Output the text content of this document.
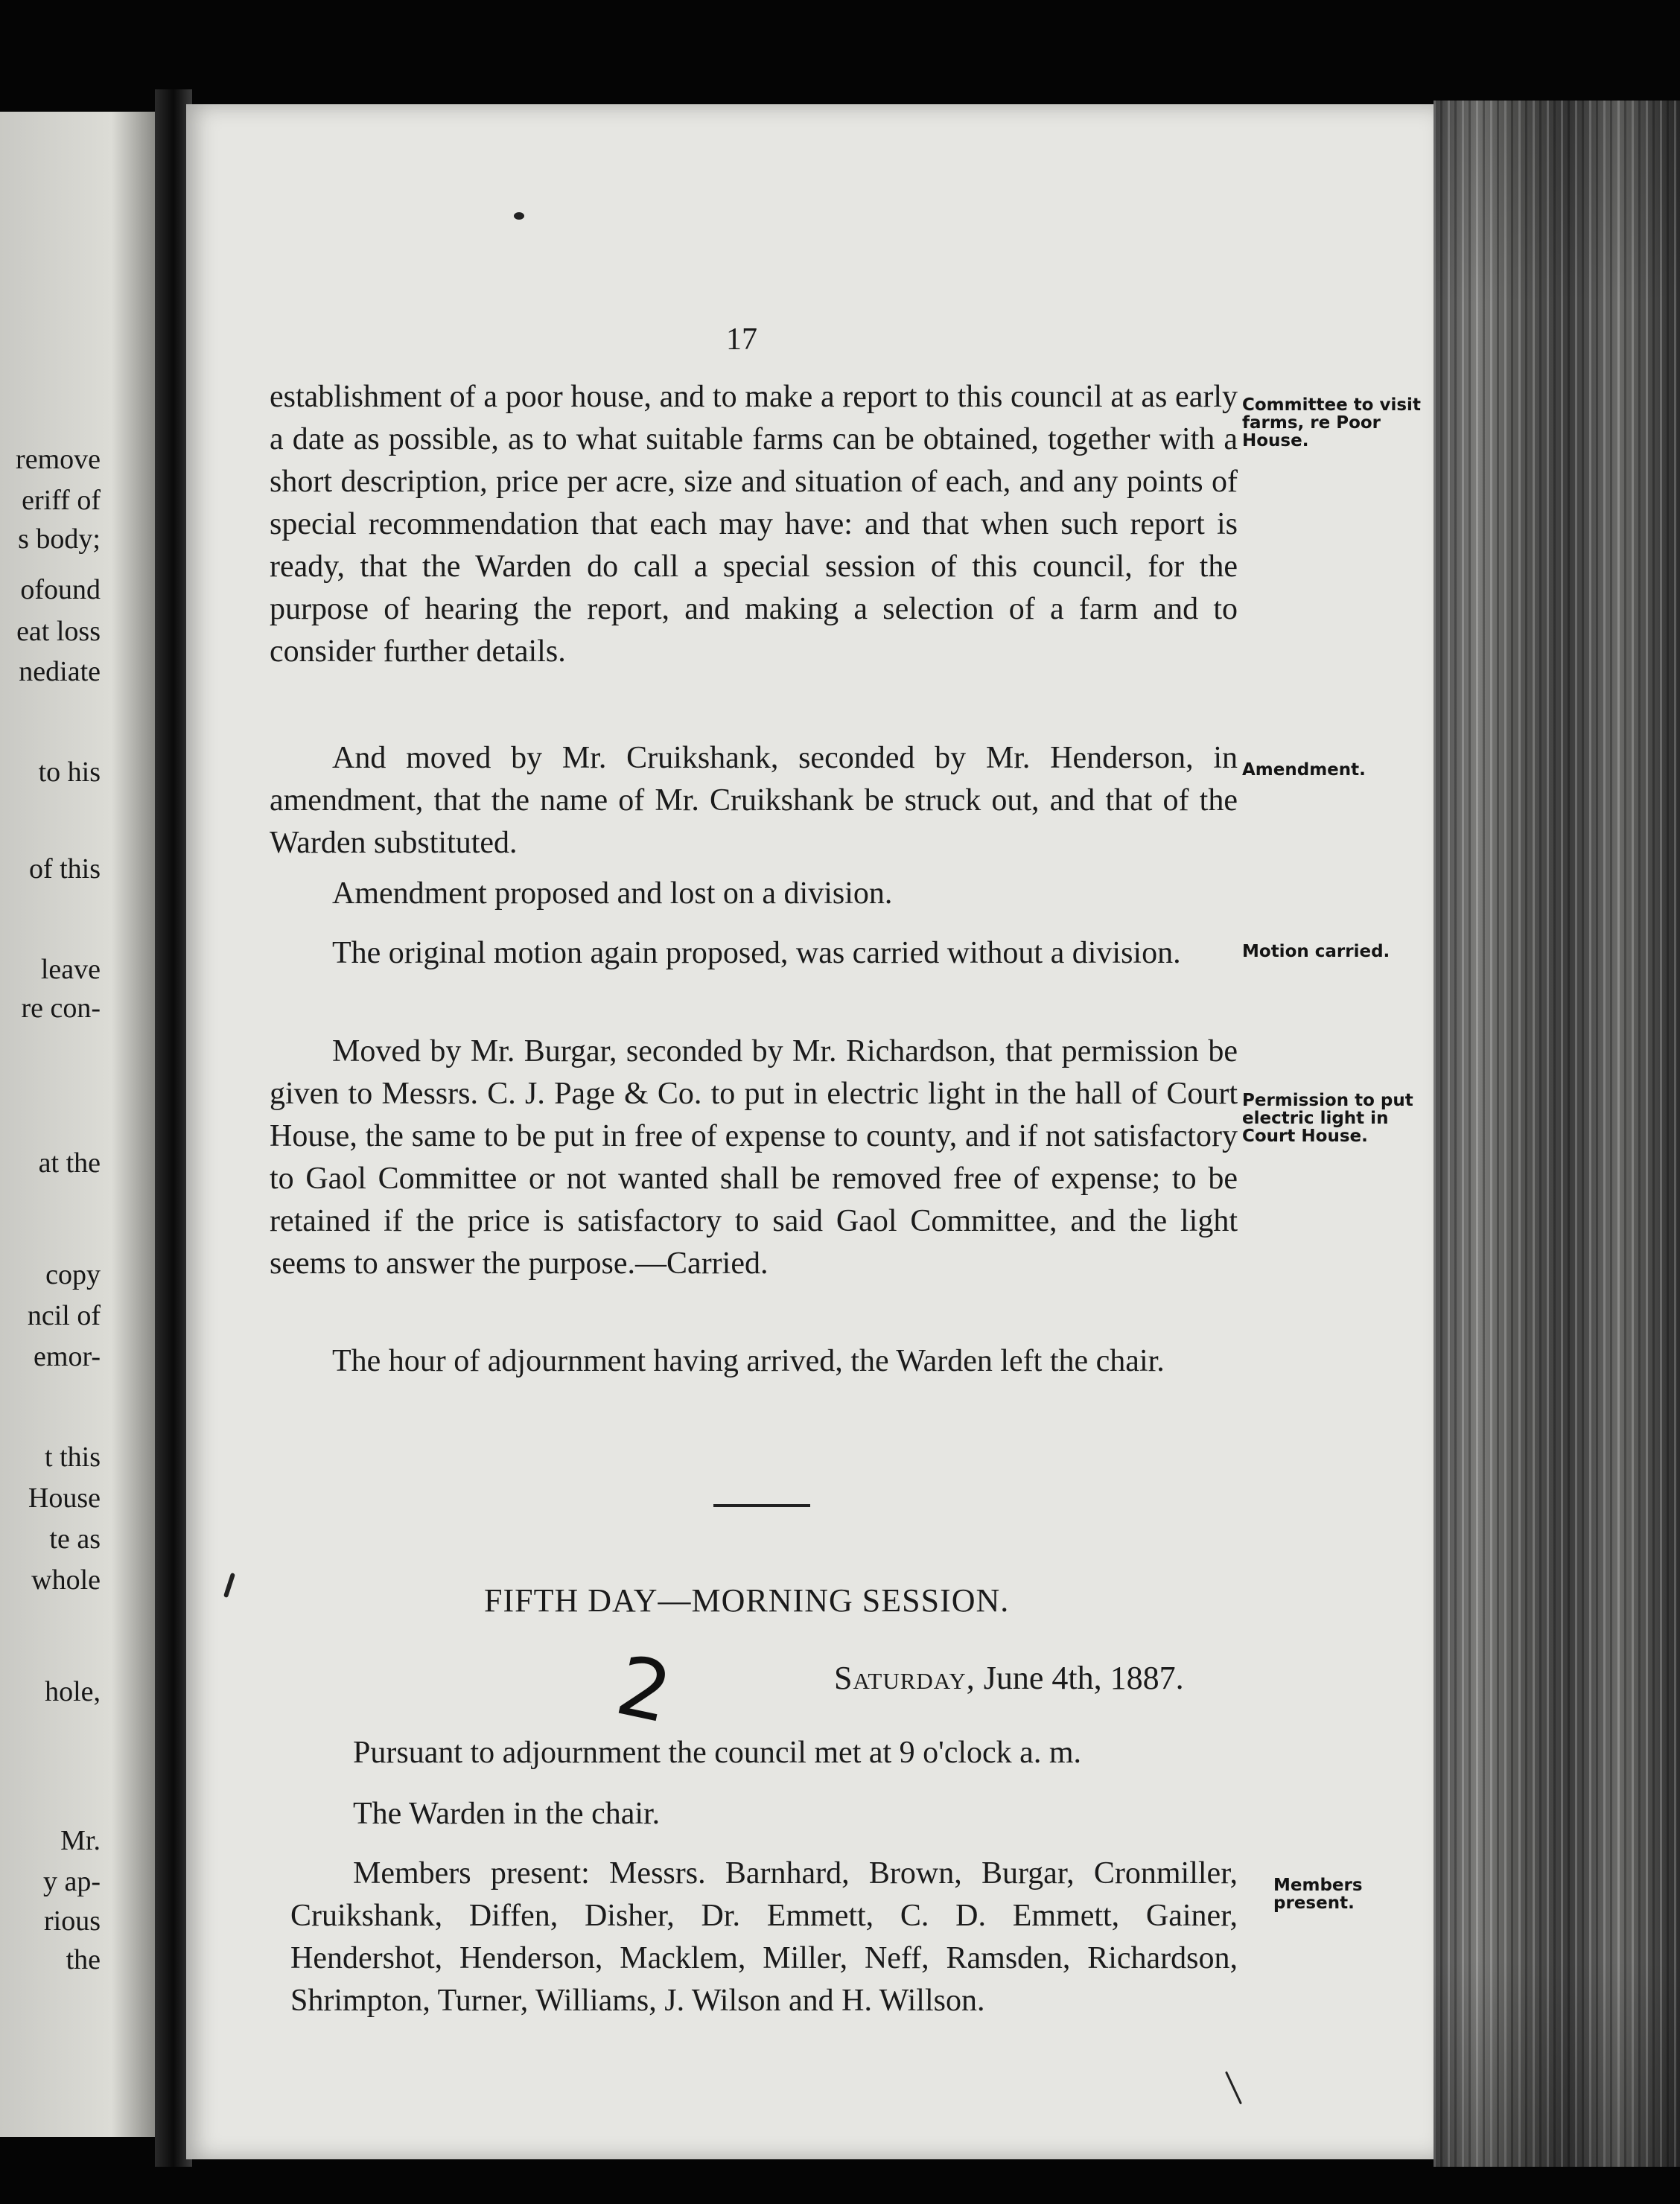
remove
eriff of
s body;
ofound
eat loss
nediate
to his
of this
leave
re con-
at the
copy
ncil of
emor-
t this
House
te as
whole
hole,
Mr.
y ap-
rious
the
17
establishment of a poor house, and to make a report to this council at as early a date as possible, as to what suitable farms can be obtained, together with a short description, price per acre, size and situation of each, and any points of special recommendation that each may have: and that when such report is ready, that the Warden do call a special session of this council, for the purpose of hearing the report, and making a selection of a farm and to consider further details.
Committee to visit farms, re Poor House.
And moved by Mr. Cruikshank, seconded by Mr. Henderson, in amendment, that the name of Mr. Cruikshank be struck out, and that of the Warden substituted.
Amendment.
Amendment proposed and lost on a division.
The original motion again proposed, was carried without a division.	Motion carried.
Moved by Mr. Burgar, seconded by Mr. Richardson, that permission be given to Messrs. C. J. Page & Co. to put in electric light in the hall of Court House, the same to be put in free of expense to county, and if not satisfactory to Gaol Committee or not wanted shall be removed free of expense; to be retained if the price is satisfactory to said Gaol Committee, and the light seems to answer the purpose.—Carried.
Permission to put electric light in Court House.
The hour of adjournment having arrived, the Warden left the chair.
FIFTH DAY—MORNING SESSION.
2	Saturday, June 4th, 1887.
Pursuant to adjournment the council met at 9 o'clock a. m.
The Warden in the chair.
Members present: Messrs. Barnhard, Brown, Burgar, Cronmiller, Cruikshank, Diffen, Disher, Dr. Emmett, C. D. Emmett, Gainer, Hendershot, Henderson, Macklem, Miller, Neff, Ramsden, Richardson, Shrimpton, Turner, Williams, J. Wilson and H. Willson.
Members present.
